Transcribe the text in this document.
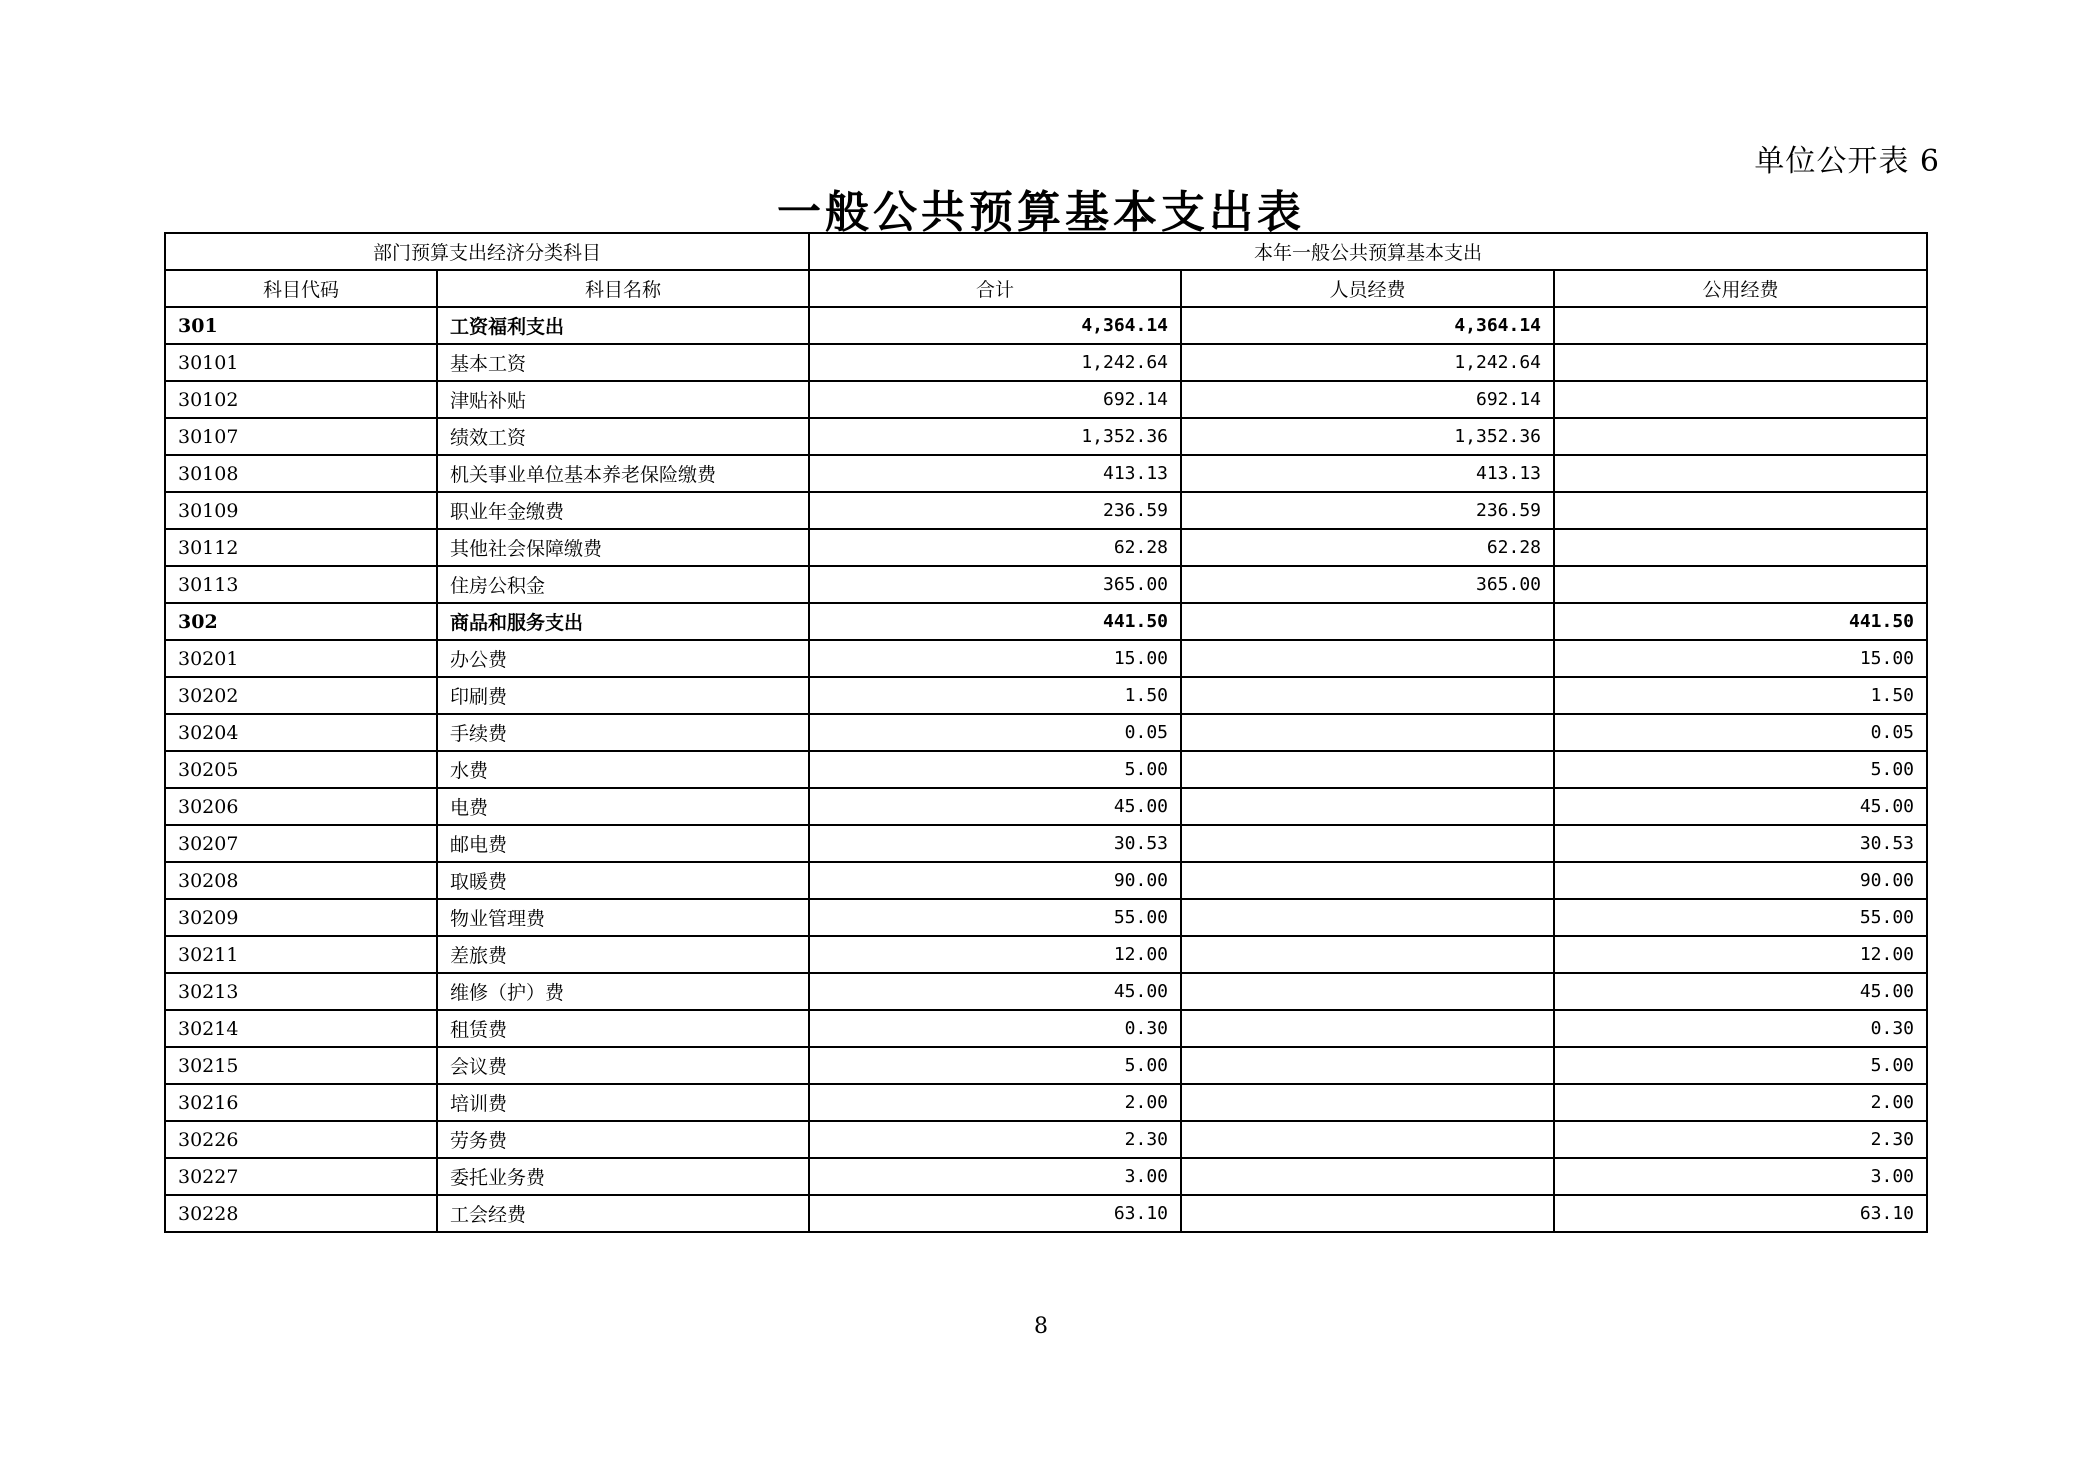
单位公开表 6
一般公共预算基本支出表
部门预算支出经济分类科目		本年一般公共预算基本支出		
科目代码	科目名称	合计	人员经费	公用经费
301	工资福利支出	4,364.14	4,364.14	
30101	基本工资	1,242.64	1,242.64	
30102	津贴补贴	692.14	692.14	
30107	绩效工资	1,352.36	1,352.36	
30108	机关事业单位基本养老保险缴费	413.13	413.13	
30109	职业年金缴费	236.59	236.59	
30112	其他社会保障缴费	62.28	62.28	
30113	住房公积金	365.00	365.00	
302	商品和服务支出	441.50		441.50
30201	办公费	15.00		15.00
30202	印刷费	1.50		1.50
30204	手续费	0.05		0.05
30205	水费	5.00		5.00
30206	电费	45.00		45.00
30207	邮电费	30.53		30.53
30208	取暖费	90.00		90.00
30209	物业管理费	55.00		55.00
30211	差旅费	12.00		12.00
30213	维修（护）费	45.00		45.00
30214	租赁费	0.30		0.30
30215	会议费	5.00		5.00
30216	培训费	2.00		2.00
30226	劳务费	2.30		2.30
30227	委托业务费	3.00		3.00
30228	工会经费	63.10		63.10
8
